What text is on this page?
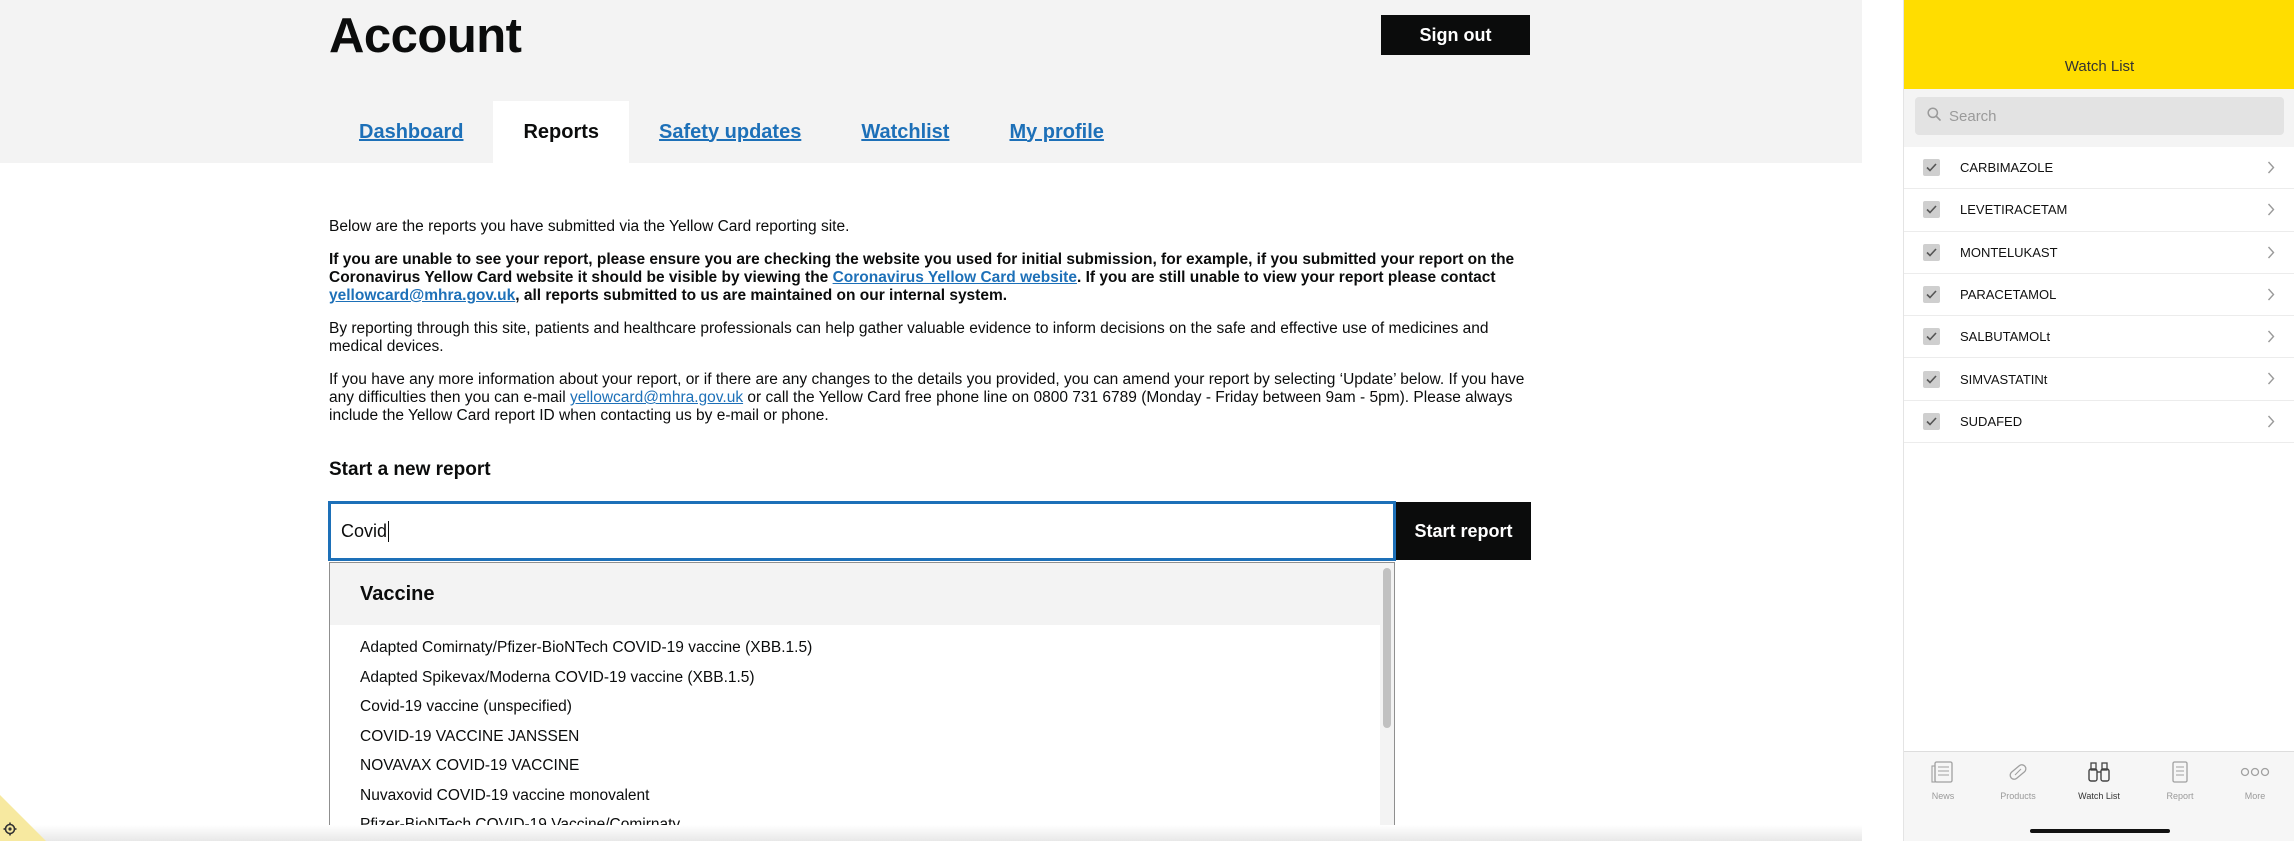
Account	Sign out
Dashboard	Reports	Safety updates	Watchlist	My profile

Below are the reports you have submitted via the Yellow Card reporting site.

If you are unable to see your report, please ensure you are checking the website you used for initial submission, for example, if you submitted your report on the Coronavirus Yellow Card website it should be visible by viewing the Coronavirus Yellow Card website. If you are still unable to view your report please contact yellowcard@mhra.gov.uk, all reports submitted to us are maintained on our internal system.

By reporting through this site, patients and healthcare professionals can help gather valuable evidence to inform decisions on the safe and effective use of medicines and medical devices.

If you have any more information about your report, or if there are any changes to the details you provided, you can amend your report by selecting ‘Update’ below. If you have any difficulties then you can e-mail yellowcard@mhra.gov.uk or call the Yellow Card free phone line on 0800 731 6789 (Monday - Friday between 9am - 5pm). Please always include the Yellow Card report ID when contacting us by e-mail or phone.

Start a new report
Covid	Start report
Vaccine
Adapted Comirnaty/Pfizer-BioNTech COVID-19 vaccine (XBB.1.5)
Adapted Spikevax/Moderna COVID-19 vaccine (XBB.1.5)
Covid-19 vaccine (unspecified)
COVID-19 VACCINE JANSSEN
NOVAVAX COVID-19 VACCINE
Nuvaxovid COVID-19 vaccine monovalent
Watch List
Search
CARBIMAZOLE
LEVETIRACETAM
MONTELUKAST
PARACETAMOL
SALBUTAMOLt
SIMVASTATINt
SUDAFED
News	Products	Watch List	Report	More
